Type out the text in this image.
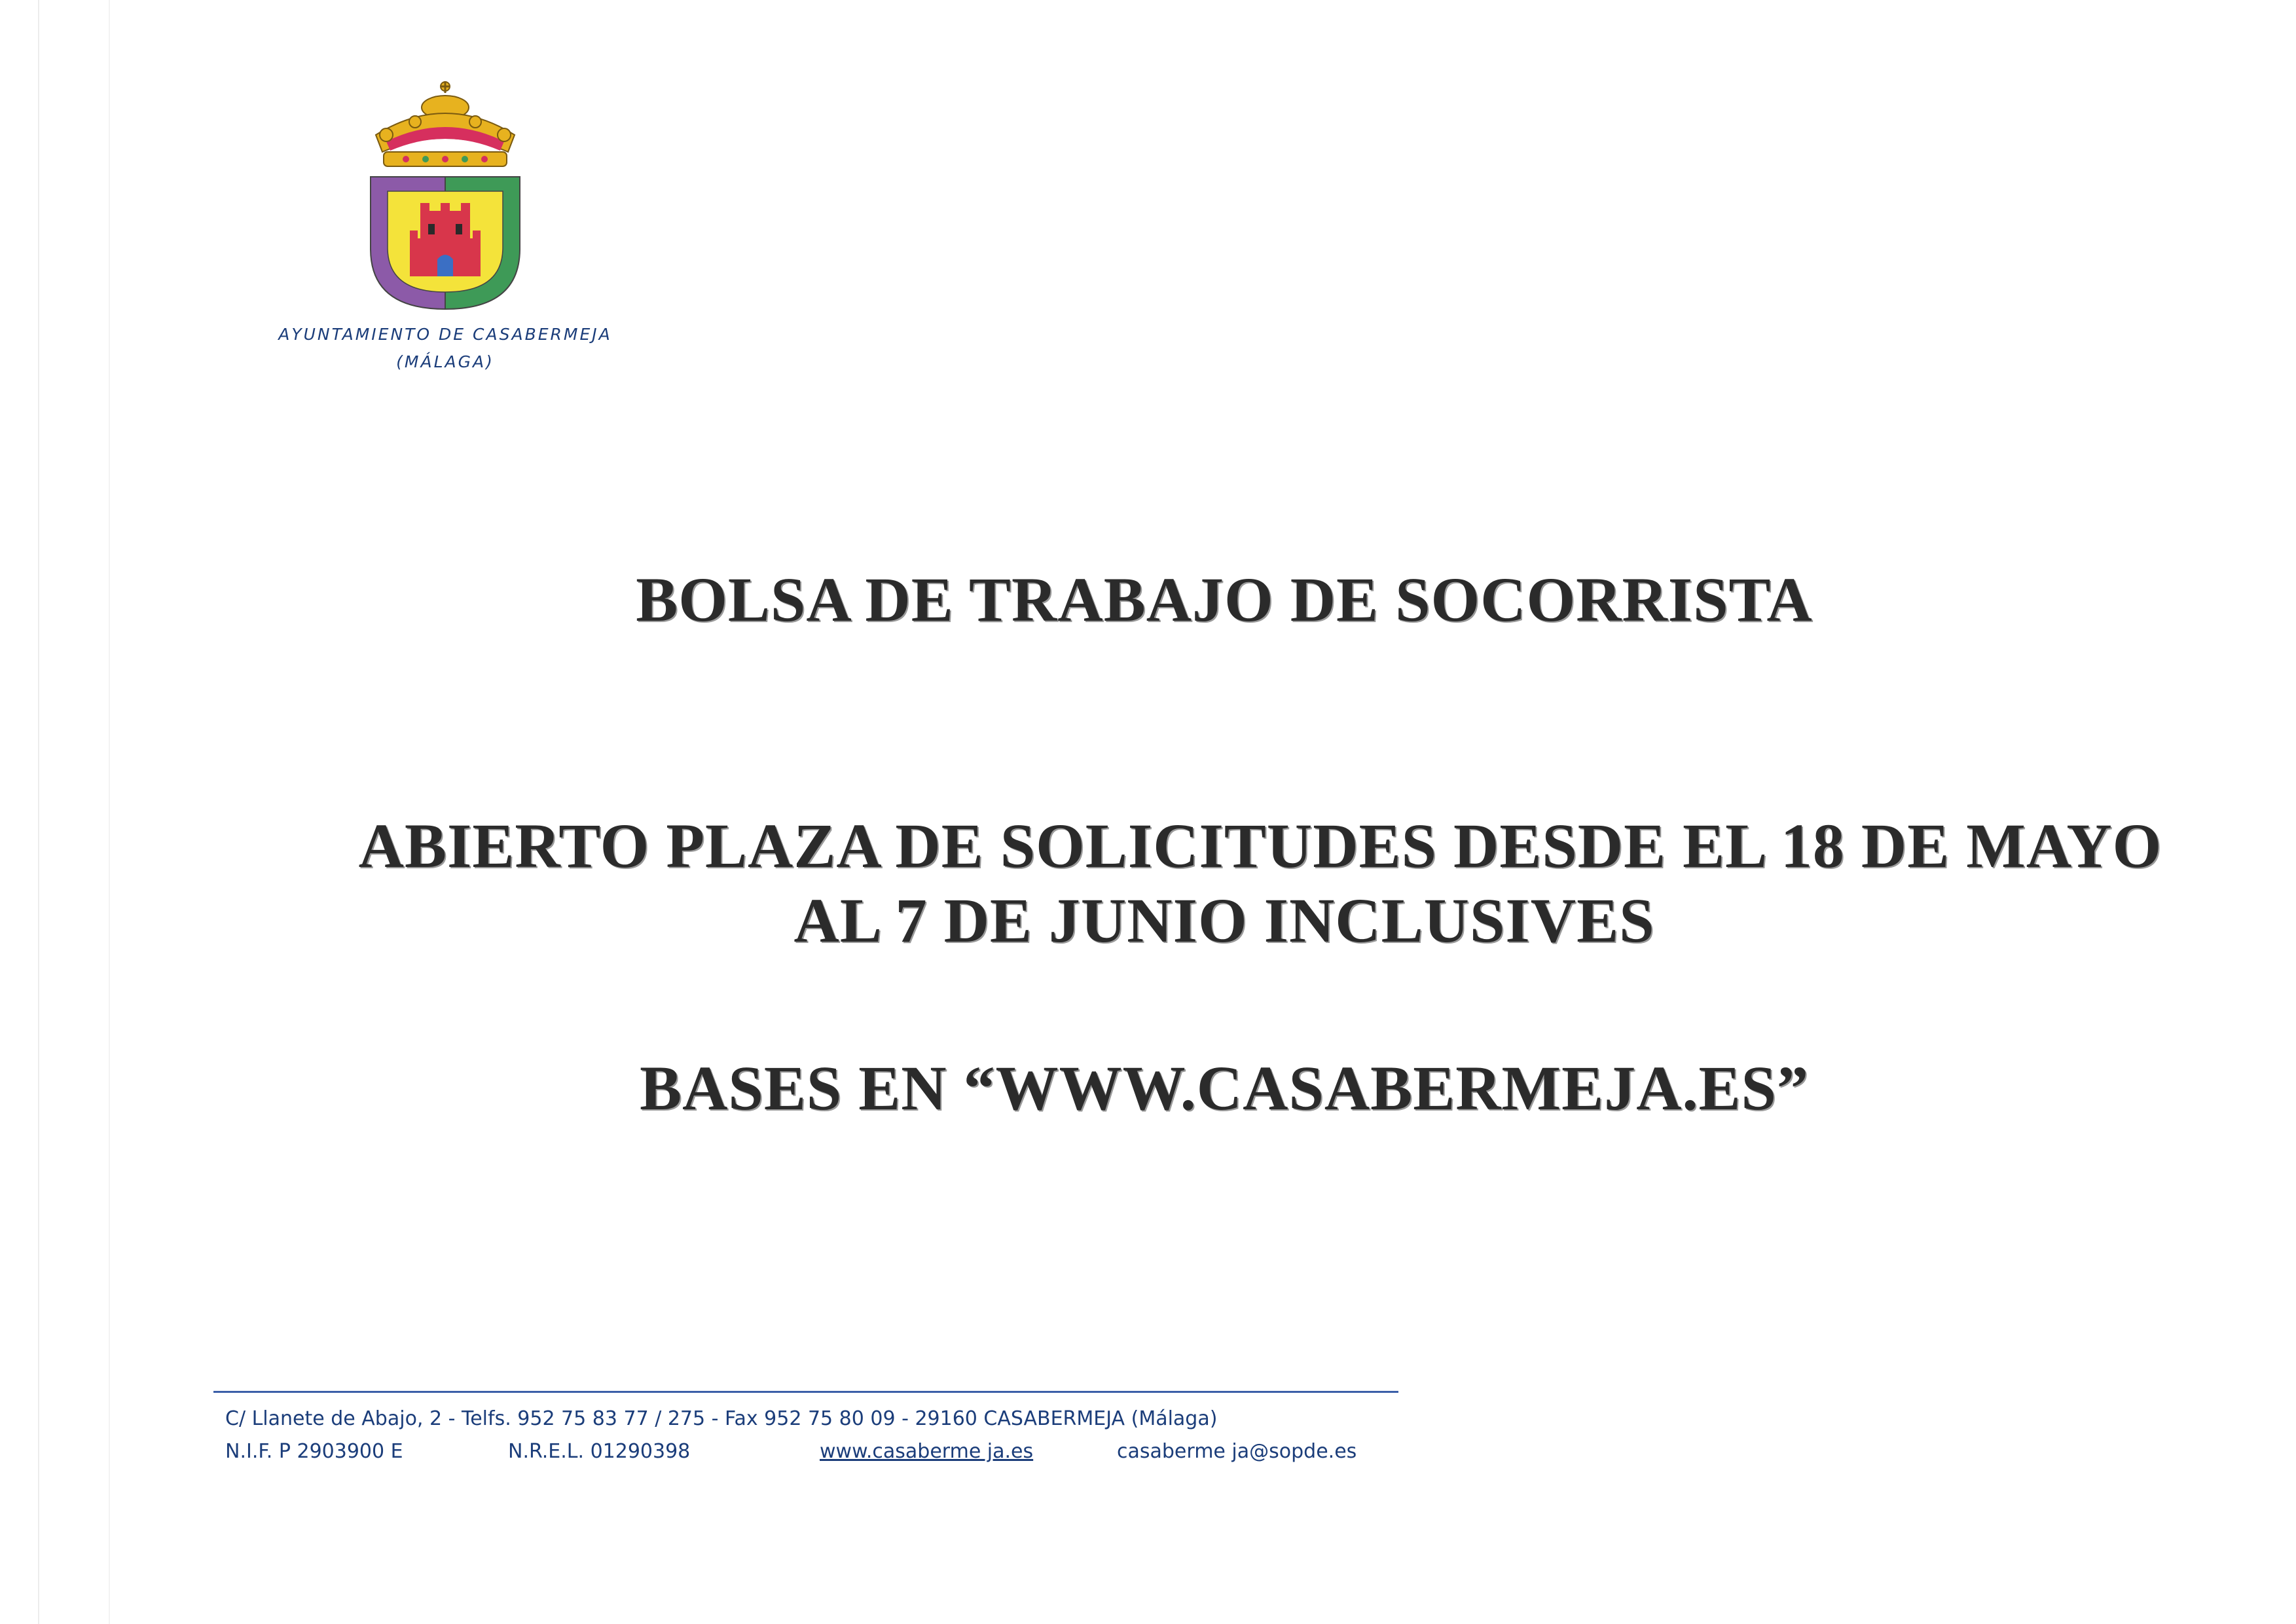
AYUNTAMIENTO DE CASABERMEJA
(MÁLAGA)
BOLSA DE TRABAJO DE SOCORRISTA
ABIERTO PLAZA DE SOLICITUDES DESDE EL 18 DE MAYO
AL 7 DE JUNIO INCLUSIVES
BASES EN “WWW.CASABERMEJA.ES”
C/ Llanete de Abajo, 2 - Telfs. 952 75 83 77 / 275 - Fax 952 75 80 09 - 29160 CASABERMEJA (Málaga)
N.I.F. P 2903900 E	N.R.E.L. 01290398	www.casaberme ja.es	casaberme ja@sopde.es
